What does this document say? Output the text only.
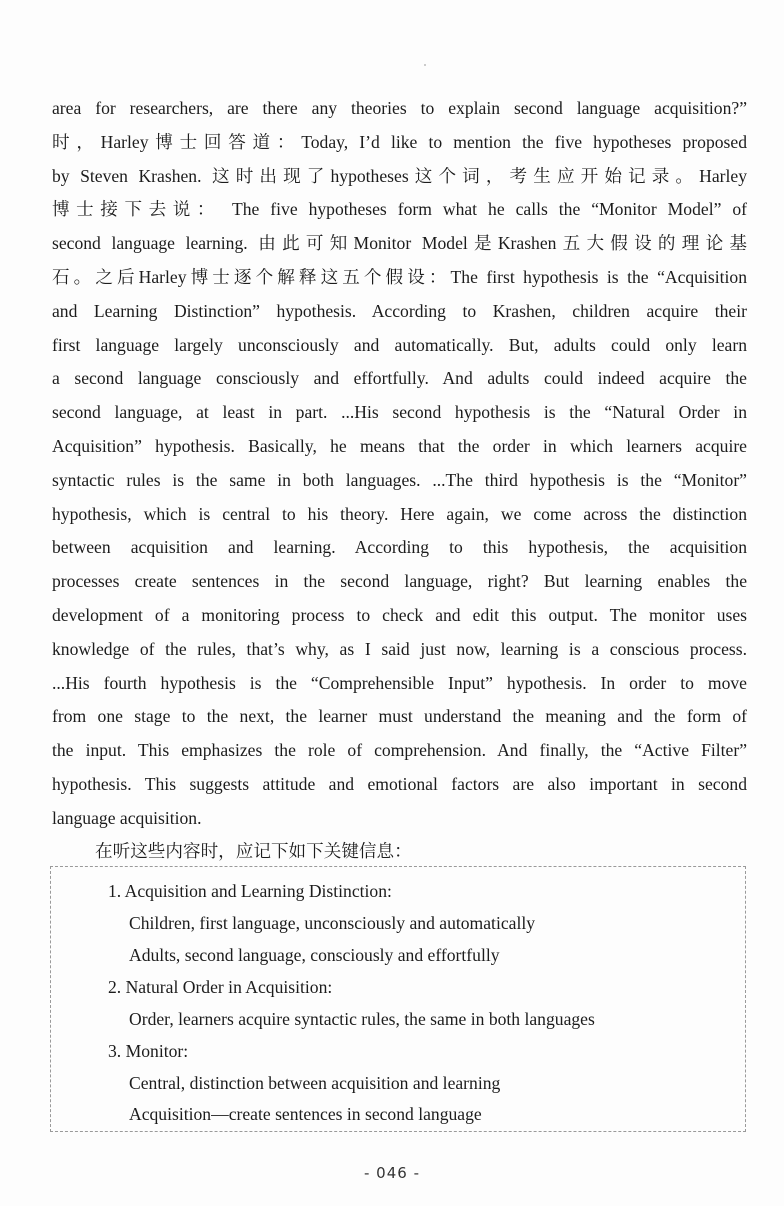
area for researchers, are there any theories to explain second language acquisition?”
时，Harley博士回答道：Today, I’d like to mention the five hypotheses proposed
by Steven Krashen. 这时出现了hypotheses这个词，考生应开始记录。Harley
博士接下去说： The five hypotheses form what he calls the “Monitor Model” of
second language learning. 由此可知Monitor Model是Krashen五大假设的理论基
石。之后Harley博士逐个解释这五个假设：The first hypothesis is the “Acquisition
and Learning Distinction” hypothesis. According to Krashen, children acquire their
first language largely unconsciously and automatically. But, adults could only learn
a second language consciously and effortfully. And adults could indeed acquire the
second language, at least in part. ...His second hypothesis is the “Natural Order in
Acquisition” hypothesis. Basically, he means that the order in which learners acquire
syntactic rules is the same in both languages. ...The third hypothesis is the “Monitor”
hypothesis, which is central to his theory. Here again, we come across the distinction
between acquisition and learning. According to this hypothesis, the acquisition
processes create sentences in the second language, right? But learning enables the
development of a monitoring process to check and edit this output. The monitor uses
knowledge of the rules, that’s why, as I said just now, learning is a conscious process.
...His fourth hypothesis is the “Comprehensible Input” hypothesis. In order to move
from one stage to the next, the learner must understand the meaning and the form of
the input. This emphasizes the role of comprehension. And finally, the “Active Filter”
hypothesis. This suggests attitude and emotional factors are also important in second
language acquisition.
在听这些内容时，应记下如下关键信息：
1. Acquisition and Learning Distinction:
Children, first language, unconsciously and automatically
Adults, second language, consciously and effortfully
2. Natural Order in Acquisition:
Order, learners acquire syntactic rules, the same in both languages
3. Monitor:
Central, distinction between acquisition and learning
Acquisition—create sentences in second language
- 046 -
